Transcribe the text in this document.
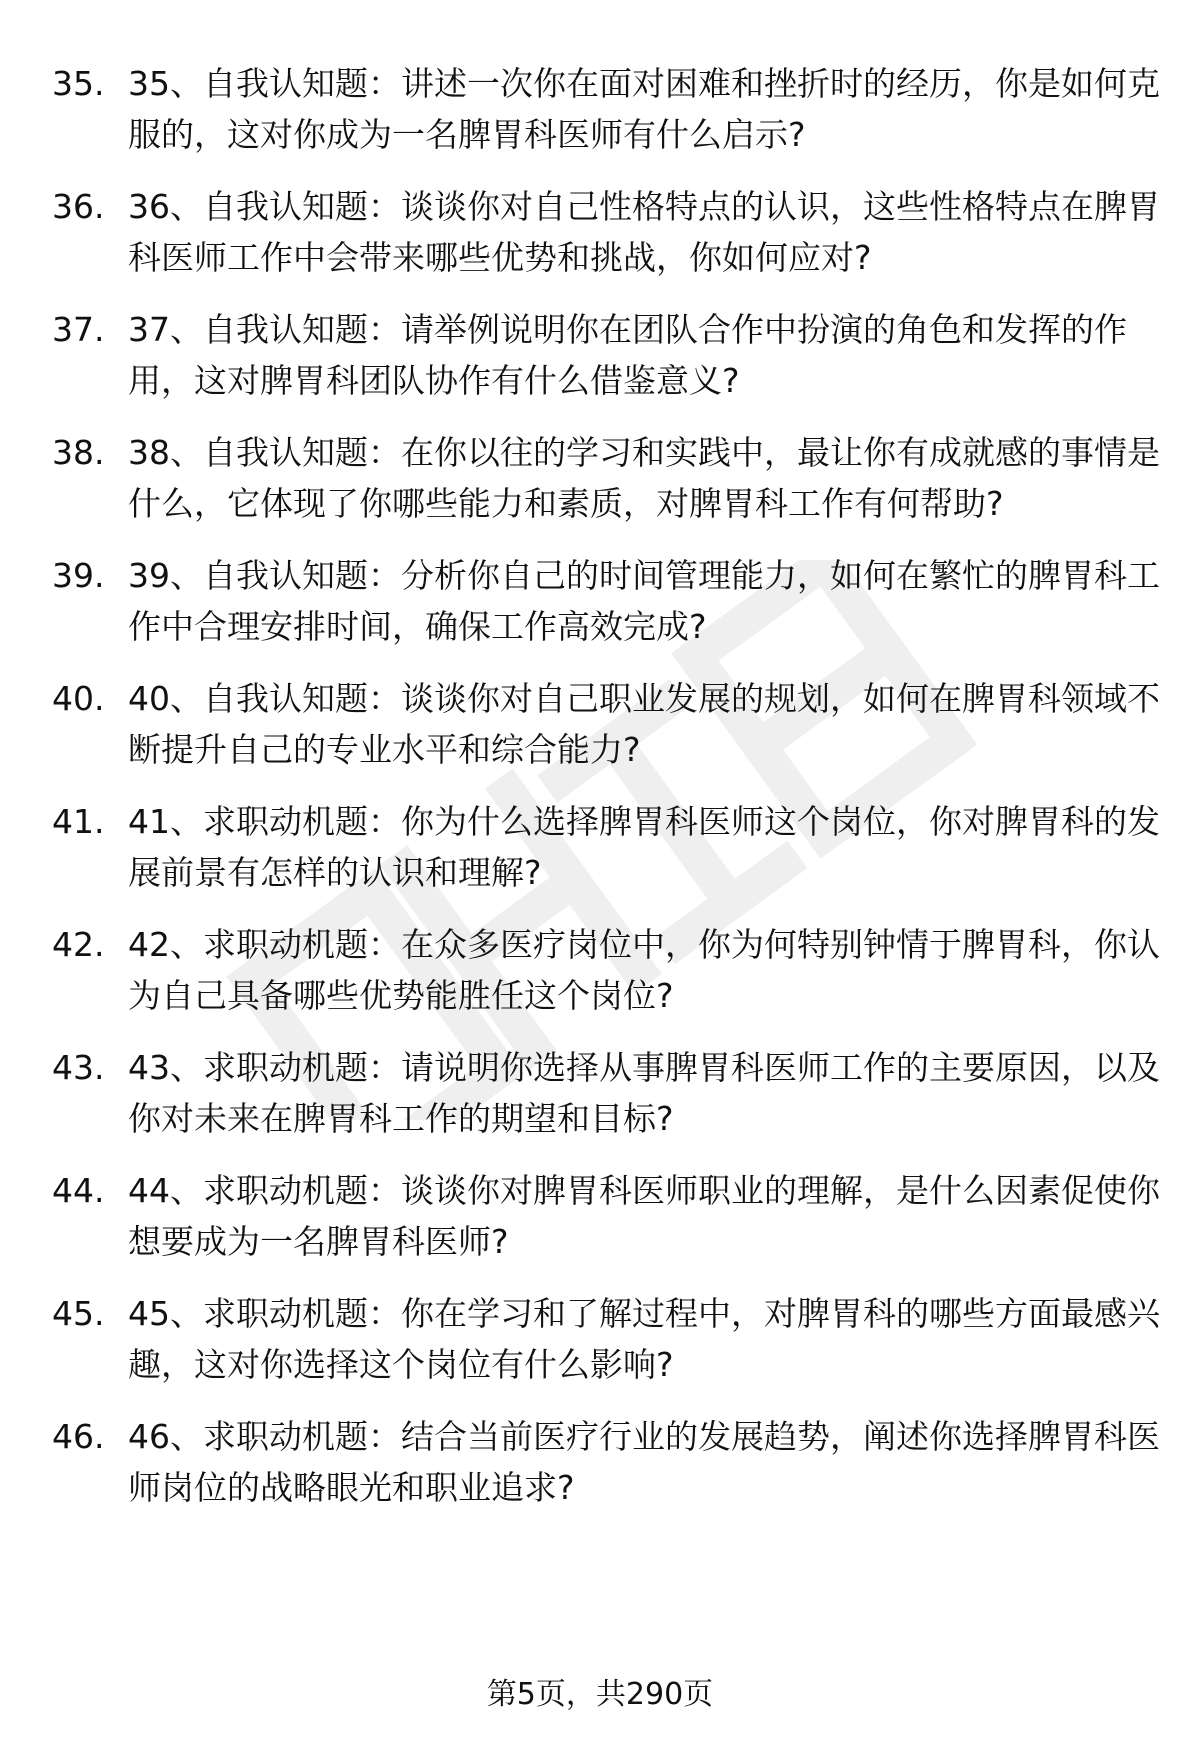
35. 35、自我认知题：讲述一次你在面对困难和挫折时的经历，你是如何克服的，这对你成为一名脾胃科医师有什么启示?
36. 36、自我认知题：谈谈你对自己性格特点的认识，这些性格特点在脾胃科医师工作中会带来哪些优势和挑战，你如何应对?
37. 37、自我认知题：请举例说明你在团队合作中扮演的角色和发挥的作用，这对脾胃科团队协作有什么借鉴意义?
38. 38、自我认知题：在你以往的学习和实践中，最让你有成就感的事情是什么，它体现了你哪些能力和素质，对脾胃科工作有何帮助?
39. 39、自我认知题：分析你自己的时间管理能力，如何在繁忙的脾胃科工作中合理安排时间，确保工作高效完成?
40. 40、自我认知题：谈谈你对自己职业发展的规划，如何在脾胃科领域不断提升自己的专业水平和综合能力?
41. 41、求职动机题：你为什么选择脾胃科医师这个岗位，你对脾胃科的发展前景有怎样的认识和理解?
42. 42、求职动机题：在众多医疗岗位中，你为何特别钟情于脾胃科，你认为自己具备哪些优势能胜任这个岗位?
43. 43、求职动机题：请说明你选择从事脾胃科医师工作的主要原因，以及你对未来在脾胃科工作的期望和目标?
44. 44、求职动机题：谈谈你对脾胃科医师职业的理解，是什么因素促使你想要成为一名脾胃科医师?
45. 45、求职动机题：你在学习和了解过程中，对脾胃科的哪些方面最感兴趣，这对你选择这个岗位有什么影响?
46. 46、求职动机题：结合当前医疗行业的发展趋势，阐述你选择脾胃科医师岗位的战略眼光和职业追求?
第5页，共290页
